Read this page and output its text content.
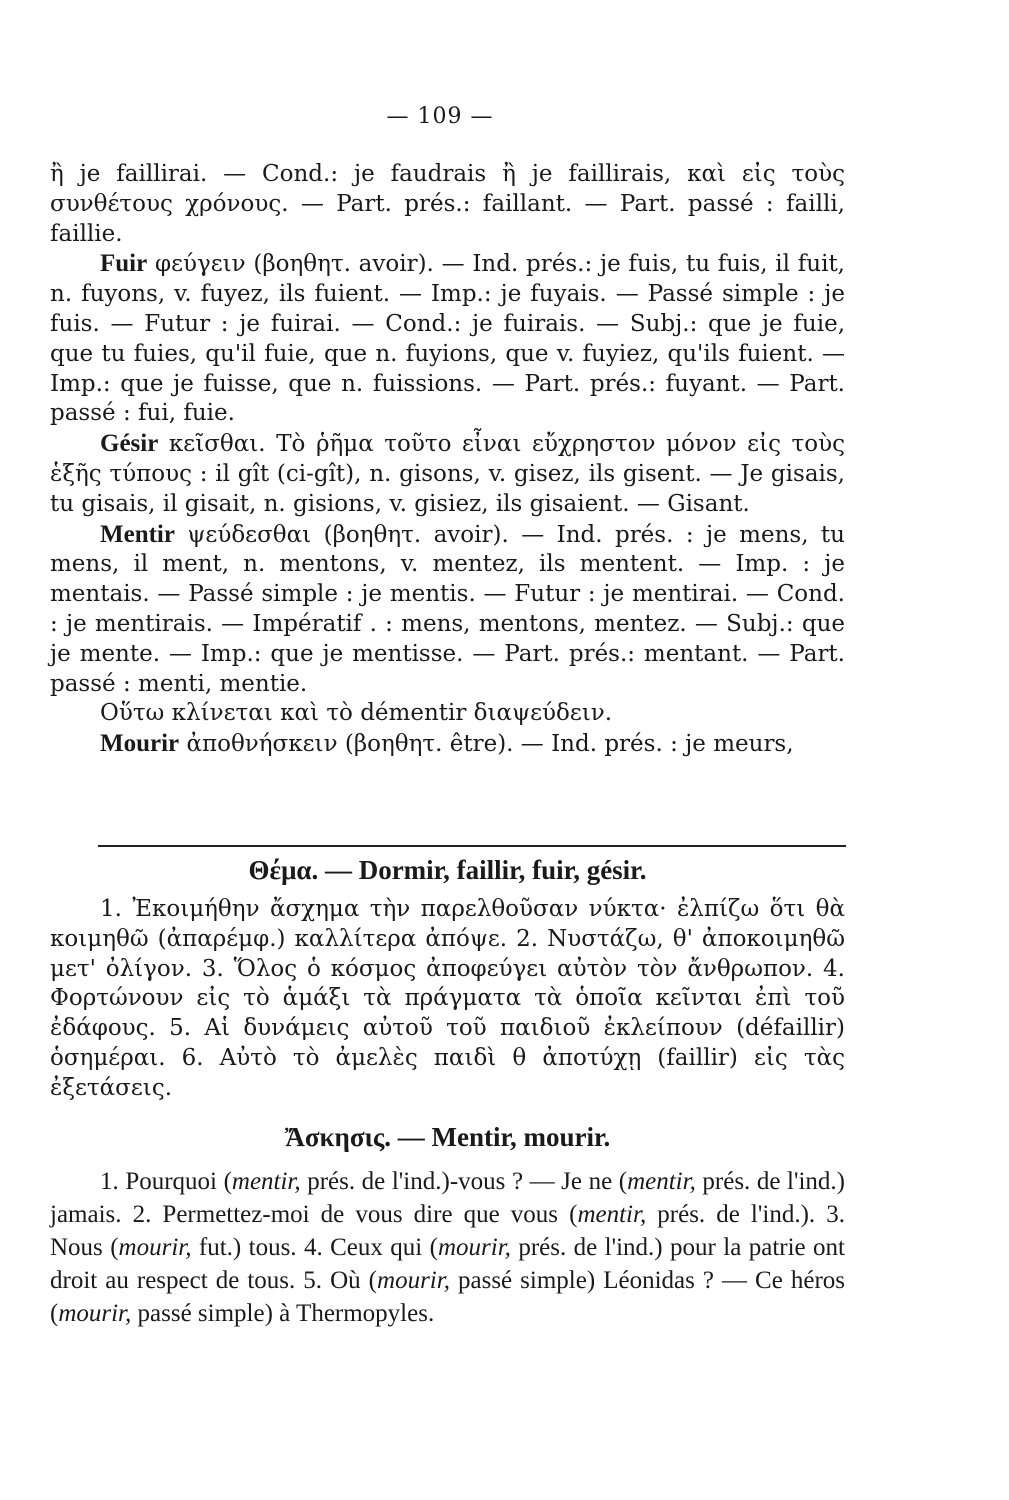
— 109 —

ἢ je faillirai. — Cond.: je faudrais ἢ je faillirais, καὶ εἰς τοὺς συνθέτους χρόνους. — Part. prés.: faillant. — Part. passé : failli, faillie.

Fuir φεύγειν (βοηθητ. avoir). — Ind. prés.: je fuis, tu fuis, il fuit, n. fuyons, v. fuyez, ils fuient. — Imp.: je fuyais. — Passé simple : je fuis. — Futur : je fuirai. — Cond.: je fuirais. — Subj.: que je fuie, que tu fuies, qu'il fuie, que n. fuyions, que v. fuyiez, qu'ils fuient. — Imp.: que je fuisse, que n. fuissions. — Part. prés.: fuyant. — Part. passé : fui, fuie.

Gésir κεῖσθαι. Τὸ ῥῆμα τοῦτο εἶναι εὔχρηστον μόνον εἰς τοὺς ἑξῆς τύπους : il gît (ci-gît), n. gisons, v. gisez, ils gisent. — Je gisais, tu gisais, il gisait, n. gisions, v. gisiez, ils gisaient. — Gisant.

Mentir ψεύδεσθαι (βοηθητ. avoir). — Ind. prés. : je mens, tu mens, il ment, n. mentons, v. mentez, ils mentent. — Imp. : je mentais. — Passé simple : je mentis. — Futur : je mentirai. — Cond. : je mentirais. — Impératif . : mens, mentons, mentez. — Subj.: que je mente. — Imp.: que je mentisse. — Part. prés.: mentant. — Part. passé : menti, mentie.

Οὕτω κλίνεται καὶ τὸ démentir διαψεύδειν.

Mourir ἀποθνήσκειν (βοηθητ. être). — Ind. prés. : je meurs,

Θέμα. — Dormir, faillir, fuir, gésir.

1. Ἐκοιμήθην ἄσχημα τὴν παρελθοῦσαν νύκτα· ἐλπίζω ὅτι θὰ κοιμηθῶ (ἀπαρέμφ.) καλλίτερα ἀπόψε. 2. Νυστάζω, θ' ἀποκοιμηθῶ μετ' ὀλίγον. 3. Ὅλος ὁ κόσμος ἀποφεύγει αὐτὸν τὸν ἄνθρωπον. 4. Φορτώνουν εἰς τὸ ἁμάξι τὰ πράγματα τὰ ὁποῖα κεῖνται ἐπὶ τοῦ ἐδάφους. 5. Αἱ δυνάμεις αὐτοῦ τοῦ παιδιοῦ ἐκλείπουν (défaillir) ὁσημέραι. 6. Αὐτὸ τὸ ἀμελὲς παιδὶ θ ἀποτύχῃ (faillir) εἰς τὰς ἐξετάσεις.

Ἄσκησις. — Mentir, mourir.

1. Pourquoi (mentir, prés. de l'ind.)-vous ? — Je ne (mentir, prés. de l'ind.) jamais. 2. Permettez-moi de vous dire que vous (mentir, prés. de l'ind.). 3. Nous (mourir, fut.) tous. 4. Ceux qui (mourir, prés. de l'ind.) pour la patrie ont droit au respect de tous. 5. Où (mourir, passé simple) Léonidas ? — Ce héros (mourir, passé simple) à Thermopyles.
